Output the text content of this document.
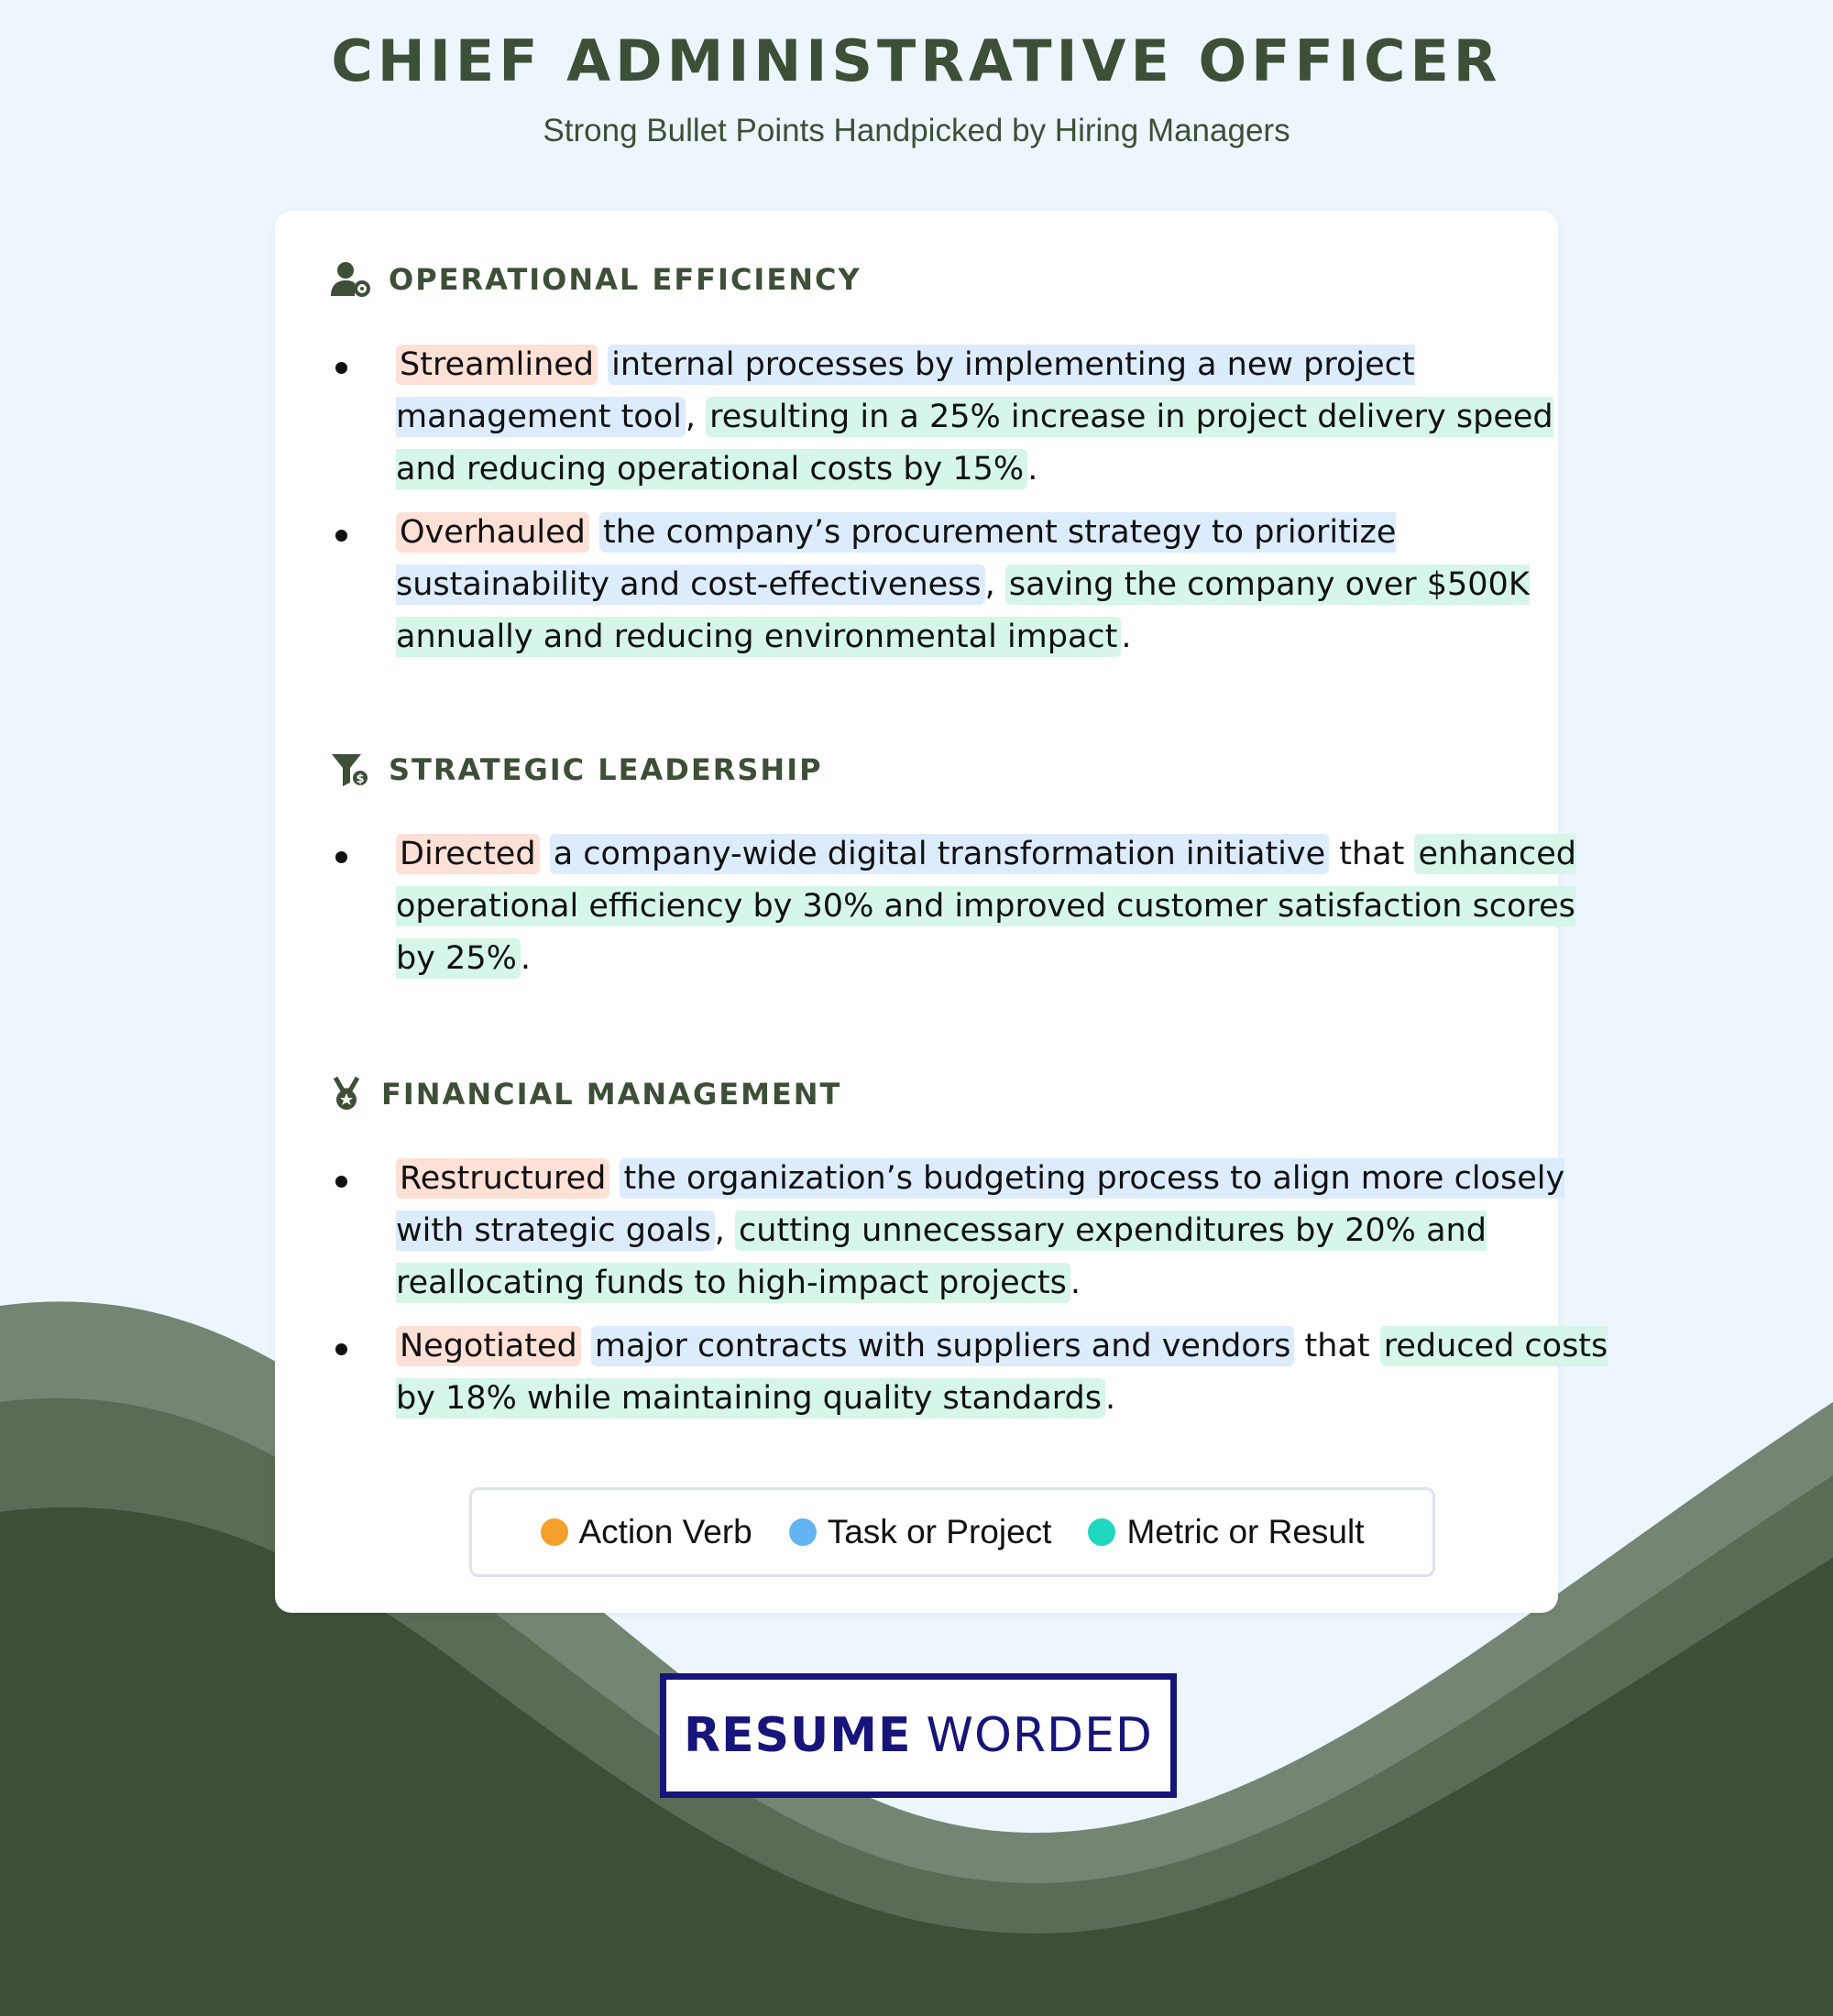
CHIEF ADMINISTRATIVE OFFICER
Strong Bullet Points Handpicked by Hiring Managers
OPERATIONAL EFFICIENCY
Streamlined internal processes by implementing a new project management tool , resulting in a 25% increase in project delivery speed and reducing operational costs by 15% .
Overhauled the company’s procurement strategy to prioritize sustainability and cost-effectiveness , saving the company over $500K annually and reducing environmental impact .
$ STRATEGIC LEADERSHIP
Directed a company-wide digital transformation initiative that enhanced operational efficiency by 30% and improved customer satisfaction scores by 25% .
FINANCIAL MANAGEMENT
Restructured the organization’s budgeting process to align more closely with strategic goals , cutting unnecessary expenditures by 20% and reallocating funds to high-impact projects .
Negotiated major contracts with suppliers and vendors that reduced costs by 18% while maintaining quality standards .
Action Verb Task or Project Metric or Result
RESUME WORDED
